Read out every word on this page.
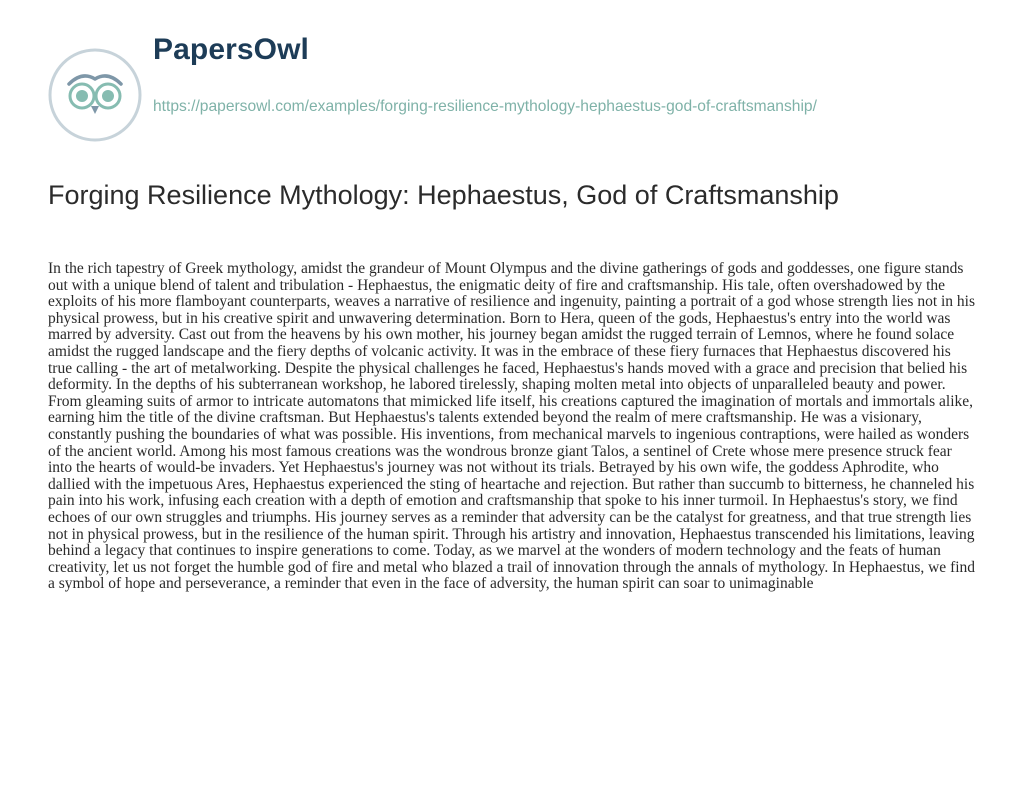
PapersOwl
https://papersowl.com/examples/forging-resilience-mythology-hephaestus-god-of-craftsmanship/
Forging Resilience Mythology: Hephaestus, God of Craftsmanship

In the rich tapestry of Greek mythology, amidst the grandeur of Mount Olympus and the divine gatherings of gods and goddesses, one figure stands out with a unique blend of talent and tribulation - Hephaestus, the enigmatic deity of fire and craftsmanship. His tale, often overshadowed by the exploits of his more flamboyant counterparts, weaves a narrative of resilience and ingenuity, painting a portrait of a god whose strength lies not in his physical prowess, but in his creative spirit and unwavering determination. Born to Hera, queen of the gods, Hephaestus's entry into the world was marred by adversity. Cast out from the heavens by his own mother, his journey began amidst the rugged terrain of Lemnos, where he found solace amidst the rugged landscape and the fiery depths of volcanic activity. It was in the embrace of these fiery furnaces that Hephaestus discovered his true calling - the art of metalworking. Despite the physical challenges he faced, Hephaestus's hands moved with a grace and precision that belied his deformity. In the depths of his subterranean workshop, he labored tirelessly, shaping molten metal into objects of unparalleled beauty and power. From gleaming suits of armor to intricate automatons that mimicked life itself, his creations captured the imagination of mortals and immortals alike, earning him the title of the divine craftsman. But Hephaestus's talents extended beyond the realm of mere craftsmanship. He was a visionary, constantly pushing the boundaries of what was possible. His inventions, from mechanical marvels to ingenious contraptions, were hailed as wonders of the ancient world. Among his most famous creations was the wondrous bronze giant Talos, a sentinel of Crete whose mere presence struck fear into the hearts of would-be invaders. Yet Hephaestus's journey was not without its trials. Betrayed by his own wife, the goddess Aphrodite, who dallied with the impetuous Ares, Hephaestus experienced the sting of heartache and rejection. But rather than succumb to bitterness, he channeled his pain into his work, infusing each creation with a depth of emotion and craftsmanship that spoke to his inner turmoil. In Hephaestus's story, we find echoes of our own struggles and triumphs. His journey serves as a reminder that adversity can be the catalyst for greatness, and that true strength lies not in physical prowess, but in the resilience of the human spirit. Through his artistry and innovation, Hephaestus transcended his limitations, leaving behind a legacy that continues to inspire generations to come. Today, as we marvel at the wonders of modern technology and the feats of human creativity, let us not forget the humble god of fire and metal who blazed a trail of innovation through the annals of mythology. In Hephaestus, we find a symbol of hope and perseverance, a reminder that even in the face of adversity, the human spirit can soar to unimaginable
